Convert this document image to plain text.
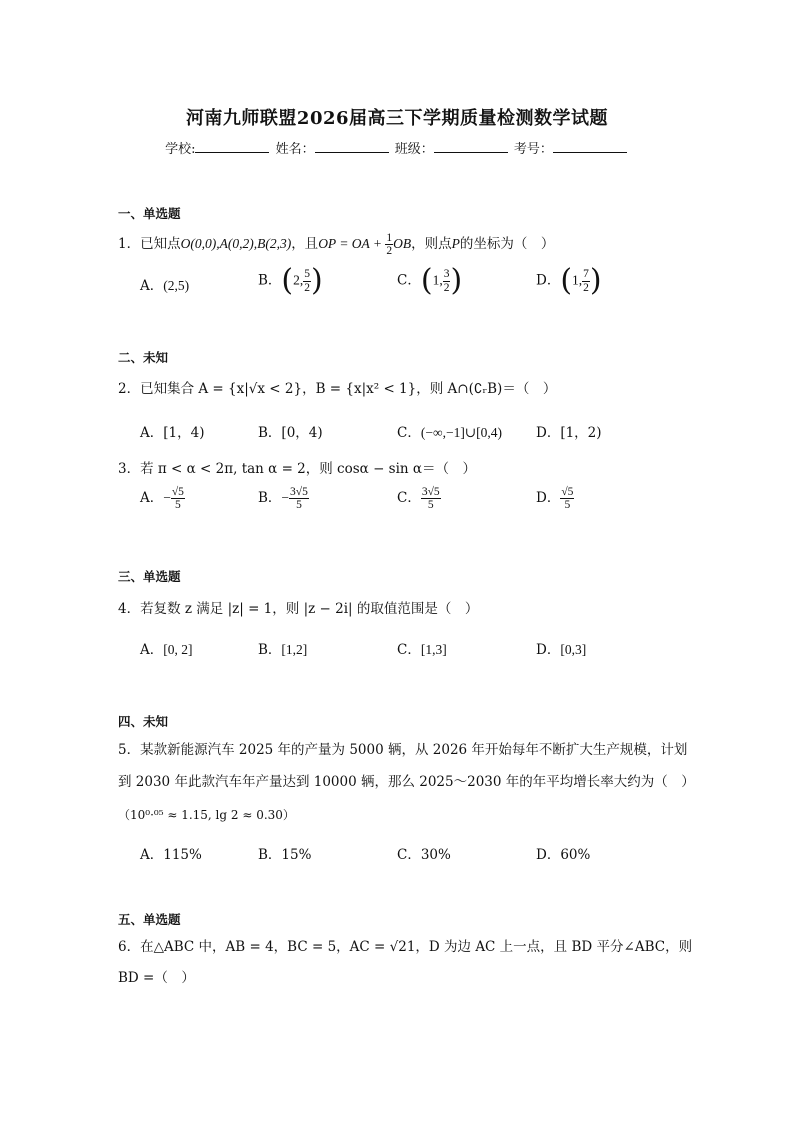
河南九师联盟2026届高三下学期质量检测数学试题
学校:	姓名：	班级：	考号：
一、单选题
1．已知点O(0,0),A(0,2),B(2,3)，且OP = OA + $\frac{1}{2}$ OB，则点P的坐标为（　）
A．(2,5)	B．(2, $\frac{5}{2}$ )	C．(1, $\frac{3}{2}$ )	D．(1, $\frac{7}{2}$ )
二、未知
2．已知集合 A = {x|√x < 2}，B = {x|x² < 1}，则 A∩(∁ᵣB)＝（　）
A．[1，4)	B．[0，4)	C．(−∞,−1]∪[0,4)	D．[1，2)
3．若 π < α < 2π, tan α = 2，则 cosα − sin α＝（　）
A．− $\frac{√5}{5}$	B．− $\frac{3√5}{5}$	C． $\frac{3√5}{5}$	D． $\frac{√5}{5}$
三、单选题
4．若复数 z 满足 |z| = 1，则 |z − 2i| 的取值范围是（　）
A．[0, 2]	B．[1,2]	C．[1,3]	D．[0,3]
四、未知
5．某款新能源汽车 2025 年的产量为 5000 辆，从 2026 年开始每年不断扩大生产规模，计划
到 2030 年此款汽车年产量达到 10000 辆，那么 2025～2030 年的年平均增长率大约为（　）
（10⁰·⁰⁵ ≈ 1.15, lg 2 ≈ 0.30）
A．115%	B．15%	C．30%	D．60%
五、单选题
6．在△ABC 中，AB = 4，BC = 5，AC = √21，D 为边 AC 上一点，且 BD 平分∠ABC，则
BD =（　）
